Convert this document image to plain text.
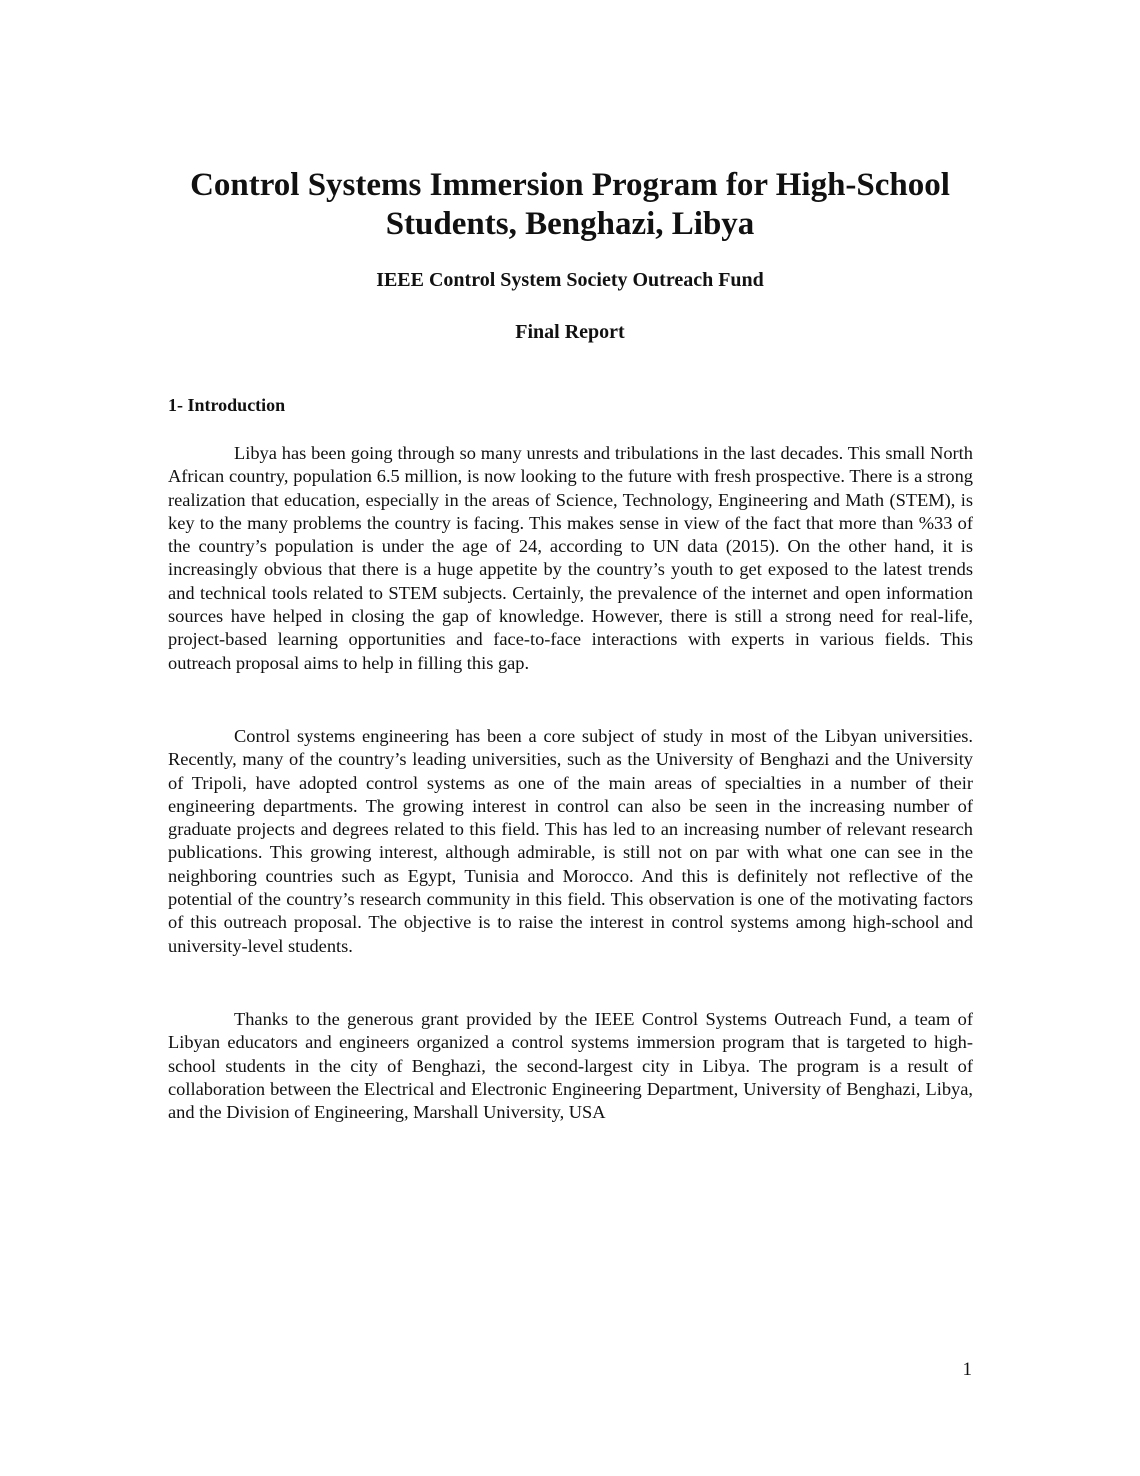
Control Systems Immersion Program for High-School
Students, Benghazi, Libya

IEEE Control System Society Outreach Fund

Final Report

1- Introduction

Libya has been going through so many unrests and tribulations in the last decades. This small North African country, population 6.5 million, is now looking to the future with fresh prospective. There is a strong realization that education, especially in the areas of Science, Technology, Engineering and Math (STEM), is key to the many problems the country is facing. This makes sense in view of the fact that more than %33 of the country’s population is under the age of 24, according to UN data (2015). On the other hand, it is increasingly obvious that there is a huge appetite by the country’s youth to get exposed to the latest trends and technical tools related to STEM subjects. Certainly, the prevalence of the internet and open information sources have helped in closing the gap of knowledge. However, there is still a strong need for real-life, project-based learning opportunities and face-to-face interactions with experts in various fields. This outreach proposal aims to help in filling this gap.

Control systems engineering has been a core subject of study in most of the Libyan universities. Recently, many of the country’s leading universities, such as the University of Benghazi and the University of Tripoli, have adopted control systems as one of the main areas of specialties in a number of their engineering departments. The growing interest in control can also be seen in the increasing number of graduate projects and degrees related to this field. This has led to an increasing number of relevant research publications. This growing interest, although admirable, is still not on par with what one can see in the neighboring countries such as Egypt, Tunisia and Morocco. And this is definitely not reflective of the potential of the country’s research community in this field. This observation is one of the motivating factors of this outreach proposal. The objective is to raise the interest in control systems among high-school and university-level students.

Thanks to the generous grant provided by the IEEE Control Systems Outreach Fund, a team of Libyan educators and engineers organized a control systems immersion program that is targeted to high-school students in the city of Benghazi, the second-largest city in Libya. The program is a result of collaboration between the Electrical and Electronic Engineering Department, University of Benghazi, Libya, and the Division of Engineering, Marshall University, USA

1
